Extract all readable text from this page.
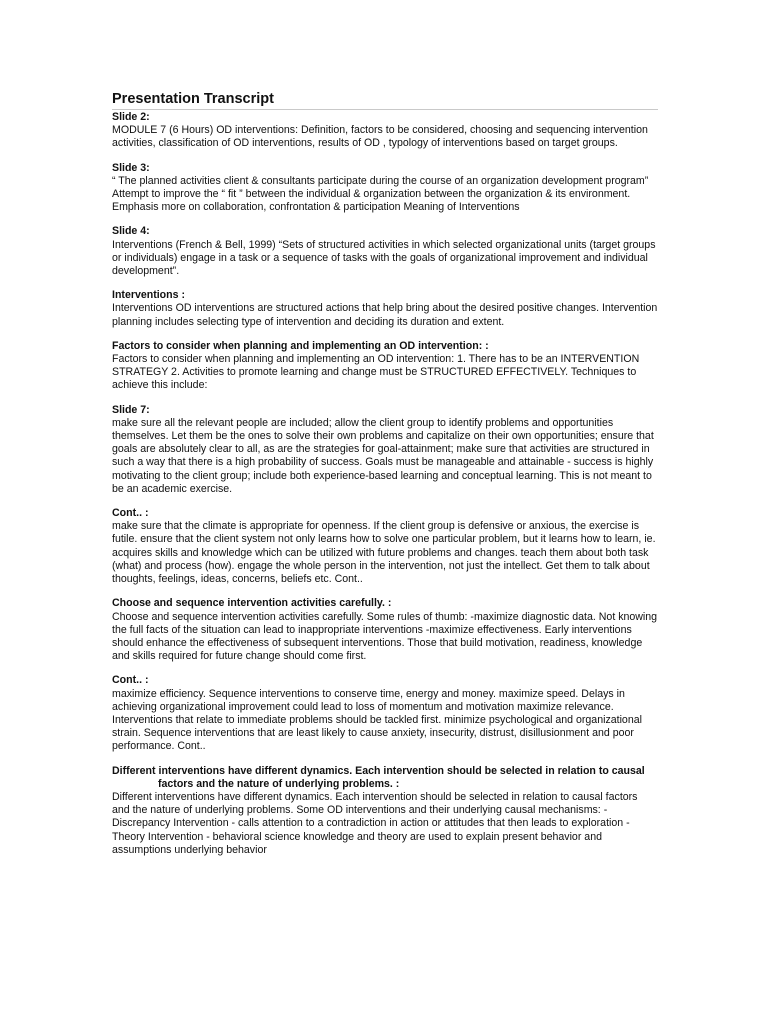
Presentation Transcript

Slide 2:

MODULE 7 (6 Hours) OD interventions: Definition, factors to be considered, choosing and sequencing intervention activities, classification of OD interventions, results of OD , typology of interventions based on target groups.

Slide 3:

“ The planned activities client & consultants participate during the course of an organization development program” Attempt to improve the “ fit ” between the individual & organization between the organization & its environment. Emphasis more on collaboration, confrontation & participation Meaning of Interventions

Slide 4:

Interventions (French & Bell, 1999) “Sets of structured activities in which selected organizational units (target groups or individuals) engage in a task or a sequence of tasks with the goals of organizational improvement and individual development”.

Interventions :

Interventions OD interventions are structured actions that help bring about the desired positive changes. Intervention planning includes selecting type of intervention and deciding its duration and extent.

Factors to consider when planning and implementing an OD intervention: :

Factors to consider when planning and implementing an OD intervention: 1. There has to be an INTERVENTION STRATEGY 2. Activities to promote learning and change must be STRUCTURED EFFECTIVELY. Techniques to achieve this include:

Slide 7:

make sure all the relevant people are included; allow the client group to identify problems and opportunities themselves. Let them be the ones to solve their own problems and capitalize on their own opportunities; ensure that goals are absolutely clear to all, as are the strategies for goal-attainment; make sure that activities are structured in such a way that there is a high probability of success. Goals must be manageable and attainable - success is highly motivating to the client group; include both experience-based learning and conceptual learning. This is not meant to be an academic exercise.

Cont.. :

make sure that the climate is appropriate for openness. If the client group is defensive or anxious, the exercise is futile. ensure that the client system not only learns how to solve one particular problem, but it learns how to learn, ie. acquires skills and knowledge which can be utilized with future problems and changes. teach them about both task (what) and process (how). engage the whole person in the intervention, not just the intellect. Get them to talk about thoughts, feelings, ideas, concerns, beliefs etc. Cont..

Choose and sequence intervention activities carefully. :

Choose and sequence intervention activities carefully. Some rules of thumb: -maximize diagnostic data. Not knowing the full facts of the situation can lead to inappropriate interventions -maximize effectiveness. Early interventions should enhance the effectiveness of subsequent interventions. Those that build motivation, readiness, knowledge and skills required for future change should come first.

Cont.. :

maximize efficiency. Sequence interventions to conserve time, energy and money. maximize speed. Delays in achieving organizational improvement could lead to loss of momentum and motivation maximize relevance. Interventions that relate to immediate problems should be tackled first. minimize psychological and organizational strain. Sequence interventions that are least likely to cause anxiety, insecurity, distrust, disillusionment and poor performance. Cont..

Different interventions have different dynamics. Each intervention should be selected in relation to causal factors and the nature of underlying problems. :

Different interventions have different dynamics. Each intervention should be selected in relation to causal factors and the nature of underlying problems. Some OD interventions and their underlying causal mechanisms: -Discrepancy Intervention - calls attention to a contradiction in action or attitudes that then leads to exploration -Theory Intervention - behavioral science knowledge and theory are used to explain present behavior and assumptions underlying behavior
